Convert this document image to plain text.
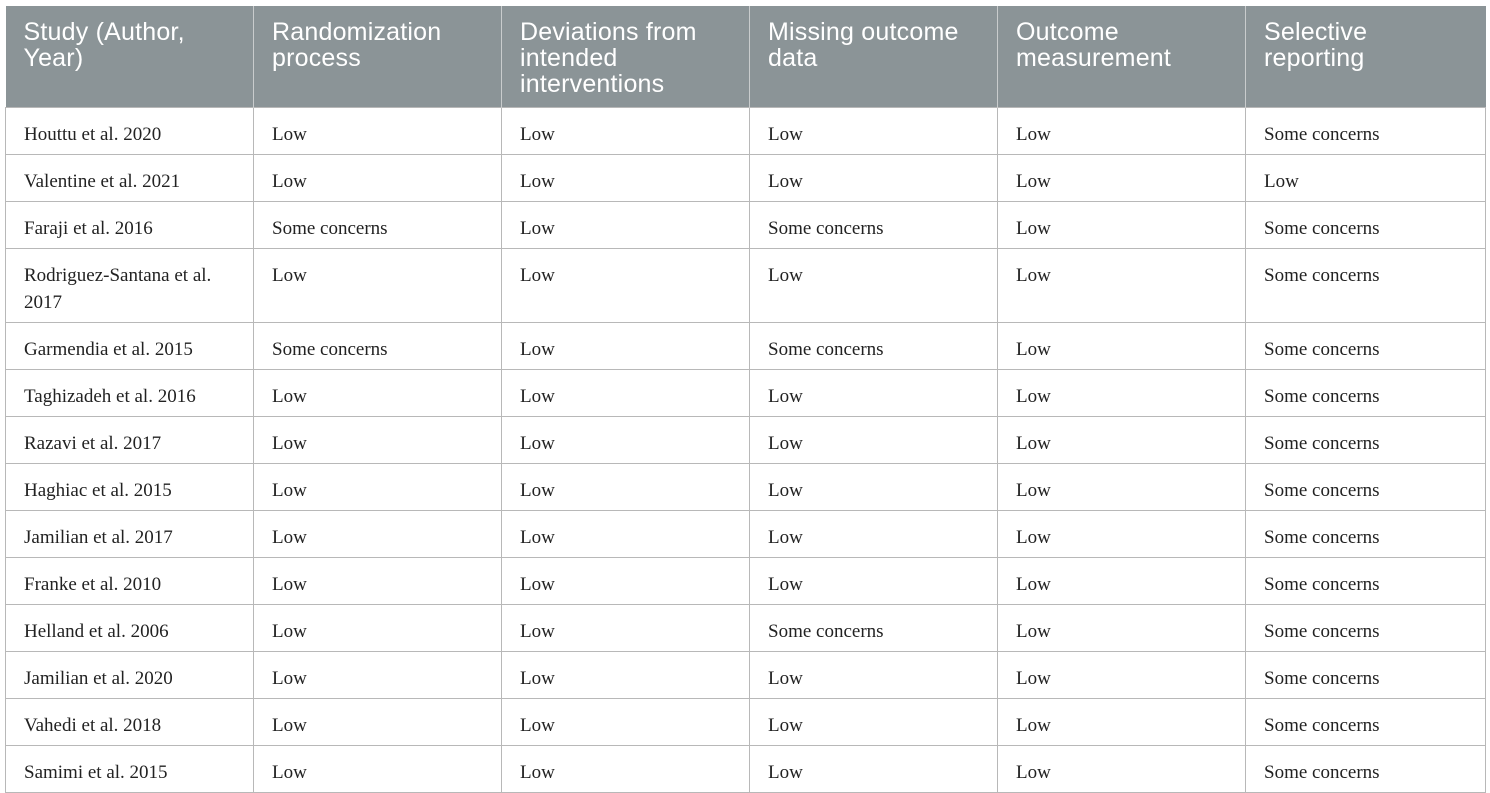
Study (Author, Year)	Randomization process	Deviations from intended interventions	Missing outcome data	Outcome measurement	Selective reporting
Houttu et al. 2020	Low	Low	Low	Low	Some concerns
Valentine et al. 2021	Low	Low	Low	Low	Low
Faraji et al. 2016	Some concerns	Low	Some concerns	Low	Some concerns
Rodriguez-Santana et al. 2017	Low	Low	Low	Low	Some concerns
Garmendia et al. 2015	Some concerns	Low	Some concerns	Low	Some concerns
Taghizadeh et al. 2016	Low	Low	Low	Low	Some concerns
Razavi et al. 2017	Low	Low	Low	Low	Some concerns
Haghiac et al. 2015	Low	Low	Low	Low	Some concerns
Jamilian et al. 2017	Low	Low	Low	Low	Some concerns
Franke et al. 2010	Low	Low	Low	Low	Some concerns
Helland et al. 2006	Low	Low	Some concerns	Low	Some concerns
Jamilian et al. 2020	Low	Low	Low	Low	Some concerns
Vahedi et al. 2018	Low	Low	Low	Low	Some concerns
Samimi et al. 2015	Low	Low	Low	Low	Some concerns
